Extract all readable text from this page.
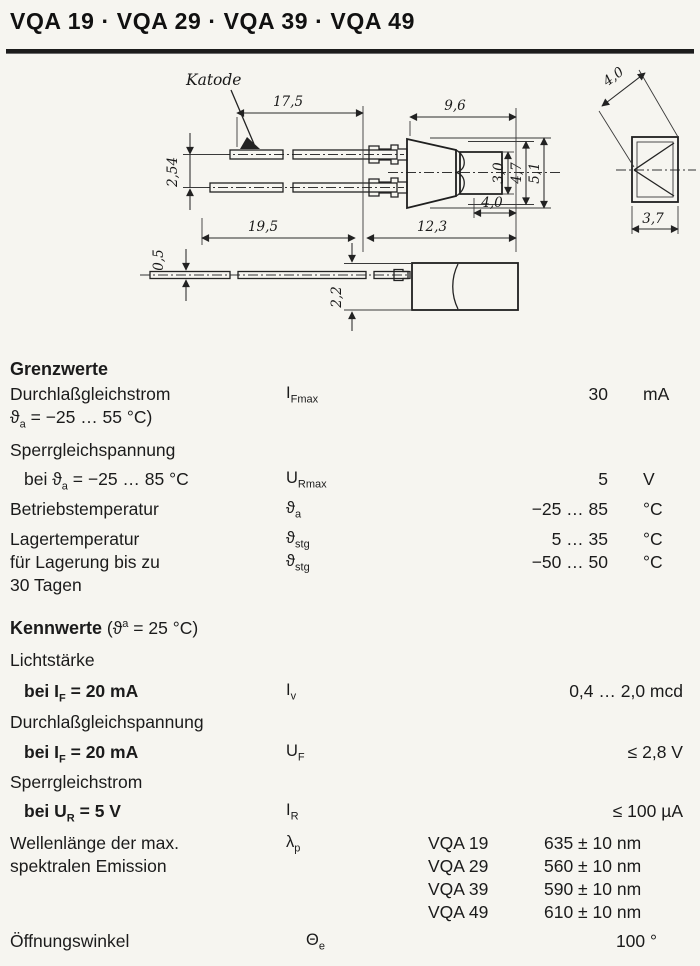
VQA 19 · VQA 29 · VQA 39 · VQA 49
Katode
17,5	9,6
2,54	3,0 4,7 5,1
4,0
19,5	12,3
4,0
3,7
0,5
2,2
Grenzwerte
Durchlaßgleichstrom	$I_{Fmax}$	30 mA
$ϑ_a = -25$ … 55 °C)
Sperrgleichspannung
bei $ϑ_a = -25$ … 85 °C	$U_{Rmax}$	5 V
Betriebstemperatur	$ϑ_a$	−25 … 85 °C
Lagertemperatur	$ϑ_{stg}$	5 … 35 °C
für Lagerung bis zu	$ϑ_{stg}$	−50 … 50 °C
30 Tagen
Kennwerte ($ϑ^a = 25$ °C)
Lichtstärke
bei $I_F = 20$ mA	$I_v$	0,4 … 2,0 mcd
Durchlaßgleichspannung
bei $I_F = 20$ mA	$U_F$	≤ 2,8 V
Sperrgleichstrom
bei $U_R = 5$ V	$I_R$	≤ 100 µA
Wellenlänge der max.	$\lambda_p$	VQA 19	635 ± 10 nm
spektralen Emission	VQA 29	560 ± 10 nm
VQA 39	590 ± 10 nm
VQA 49	610 ± 10 nm
Öffnungswinkel	$\Theta_e$	100 °
